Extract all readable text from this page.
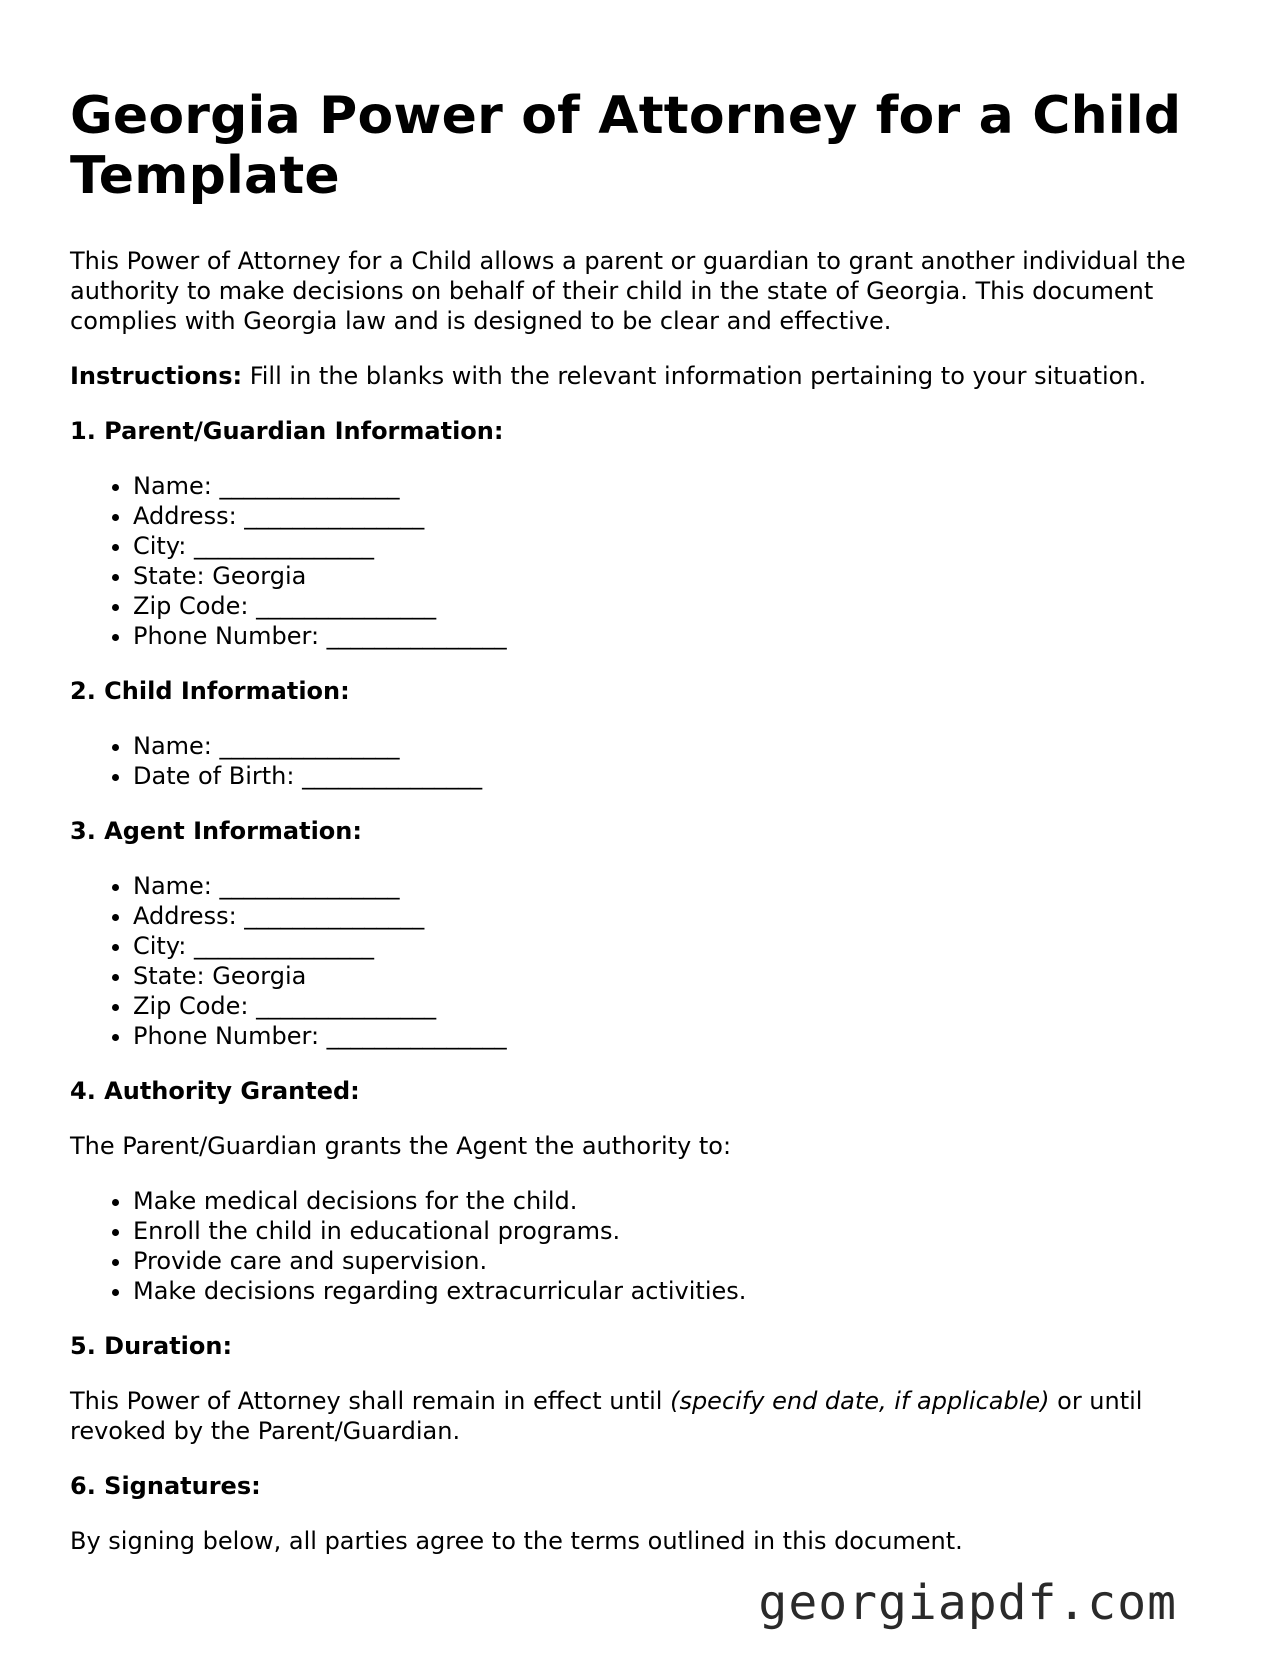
Georgia Power of Attorney for a Child Template

This Power of Attorney for a Child allows a parent or guardian to grant another individual the authority to make decisions on behalf of their child in the state of Georgia. This document complies with Georgia law and is designed to be clear and effective.

Instructions: Fill in the blanks with the relevant information pertaining to your situation.

1. Parent/Guardian Information:
• Name: _______________
• Address: _______________
• City: _______________
• State: Georgia
• Zip Code: _______________
• Phone Number: _______________
2. Child Information:
• Name: _______________
• Date of Birth: _______________
3. Agent Information:
• Name: _______________
• Address: _______________
• City: _______________
• State: Georgia
• Zip Code: _______________
• Phone Number: _______________
4. Authority Granted:

The Parent/Guardian grants the Agent the authority to:

• Make medical decisions for the child.
• Enroll the child in educational programs.
• Provide care and supervision.
• Make decisions regarding extracurricular activities.
5. Duration:

This Power of Attorney shall remain in effect until (specify end date, if applicable) or until revoked by the Parent/Guardian.

6. Signatures:

By signing below, all parties agree to the terms outlined in this document.

georgiapdf.com
